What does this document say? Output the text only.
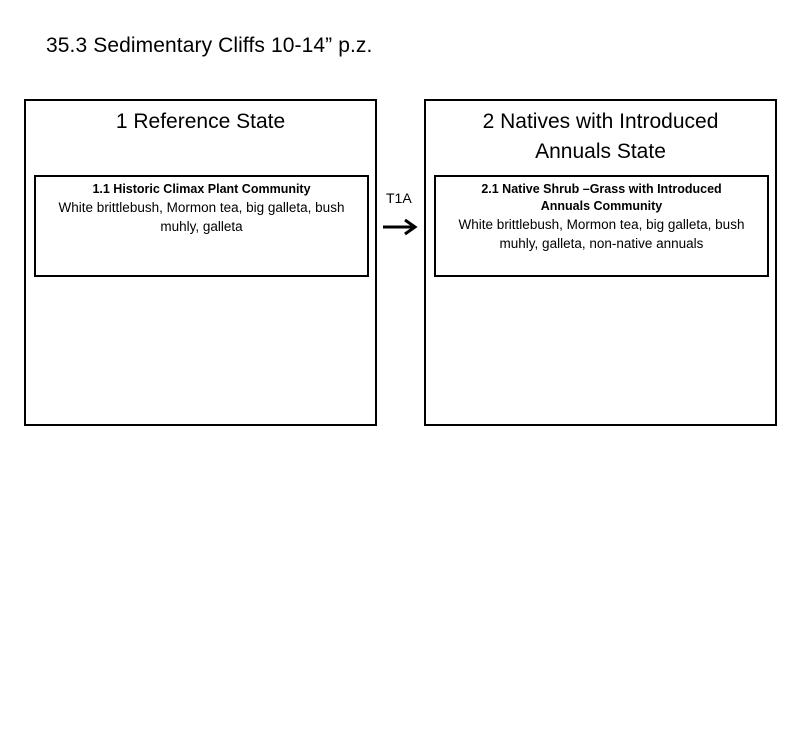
35.3 Sedimentary Cliffs 10-14” p.z.
1 Reference State
1.1 Historic Climax Plant Community
White brittlebush, Mormon tea, big galleta, bush muhly, galleta
T1A
2 Natives with Introduced
Annuals State
2.1 Native Shrub –Grass with Introduced
Annuals Community
White brittlebush, Mormon tea, big galleta, bush muhly, galleta, non-native annuals
